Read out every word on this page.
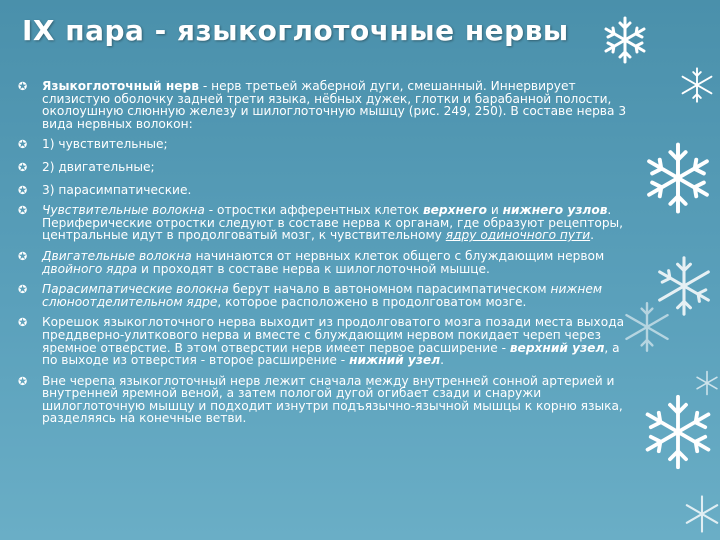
IX пара - языкоглоточные нервы
✪ Языкоглоточный нерв - нерв третьей жаберной дуги, смешанный. Иннервирует слизистую оболочку задней трети языка, нёбных дужек, глотки и барабанной полости, околоушную слюнную железу и шилоглоточную мышцу (рис. 249, 250). В составе нерва 3 вида нервных волокон:
✪ 1) чувствительные;
✪ 2) двигательные;
✪ 3) парасимпатические.
✪ Чувствительные волокна - отростки афферентных клеток верхнего и нижнего узлов. Периферические отростки следуют в составе нерва к органам, где образуют рецепторы, центральные идут в продолговатый мозг, к чувствительному ядру одиночного пути.
✪ Двигательные волокна начинаются от нервных клеток общего с блуждающим нервом двойного ядра и проходят в составе нерва к шилоглоточной мышце.
✪ Парасимпатические волокна берут начало в автономном парасимпатическом нижнем слюноотделительном ядре, которое расположено в продолговатом мозге.
✪ Корешок языкоглоточного нерва выходит из продолговатого мозга позади места выхода преддверно-улиткового нерва и вместе с блуждающим нервом покидает череп через яремное отверстие. В этом отверстии нерв имеет первое расширение - верхний узел, а по выходе из отверстия - второе расширение - нижний узел.
✪ Вне черепа языкоглоточный нерв лежит сначала между внутренней сонной артерией и внутренней яремной веной, а затем пологой дугой огибает сзади и снаружи шилоглоточную мышцу и подходит изнутри подъязычно-язычной мышцы к корню языка, разделяясь на конечные ветви.
